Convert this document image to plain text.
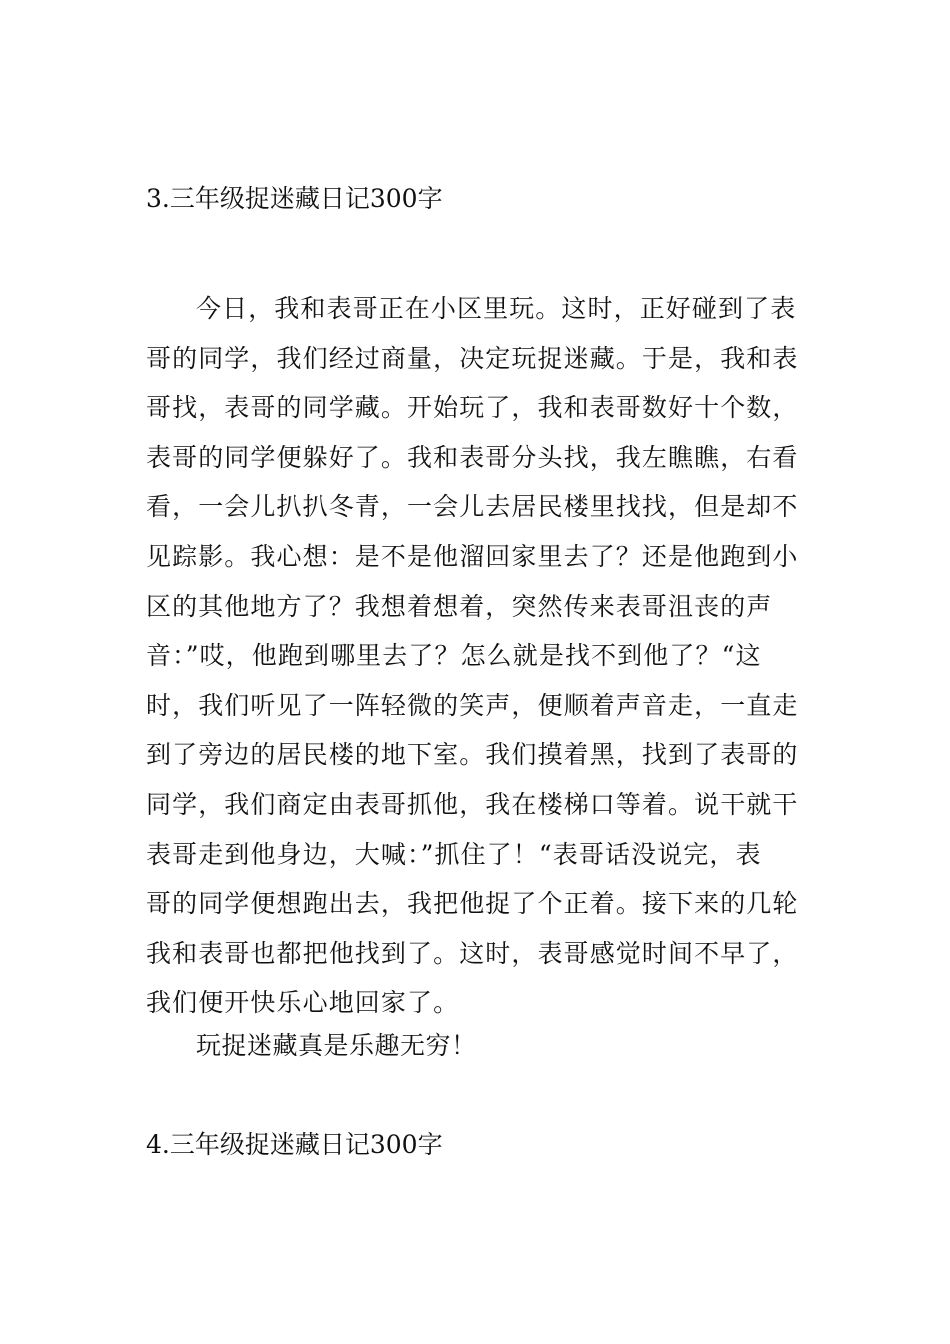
3.三年级捉迷藏日记300字
今日，我和表哥正在小区里玩。这时，正好碰到了表
哥的同学，我们经过商量，决定玩捉迷藏。于是，我和表
哥找，表哥的同学藏。开始玩了，我和表哥数好十个数，
表哥的同学便躲好了。我和表哥分头找，我左瞧瞧，右看
看，一会儿扒扒冬青，一会儿去居民楼里找找，但是却不
见踪影。我心想：是不是他溜回家里去了？还是他跑到小
区的其他地方了？我想着想着，突然传来表哥沮丧的声
音：”哎，他跑到哪里去了？怎么就是找不到他了？“这
时，我们听见了一阵轻微的笑声，便顺着声音走，一直走
到了旁边的居民楼的地下室。我们摸着黑，找到了表哥的
同学，我们商定由表哥抓他，我在楼梯口等着。说干就干
表哥走到他身边，大喊：”抓住了！“表哥话没说完，表
哥的同学便想跑出去，我把他捉了个正着。接下来的几轮
我和表哥也都把他找到了。这时，表哥感觉时间不早了，
我们便开快乐心地回家了。
玩捉迷藏真是乐趣无穷！
4.三年级捉迷藏日记300字
